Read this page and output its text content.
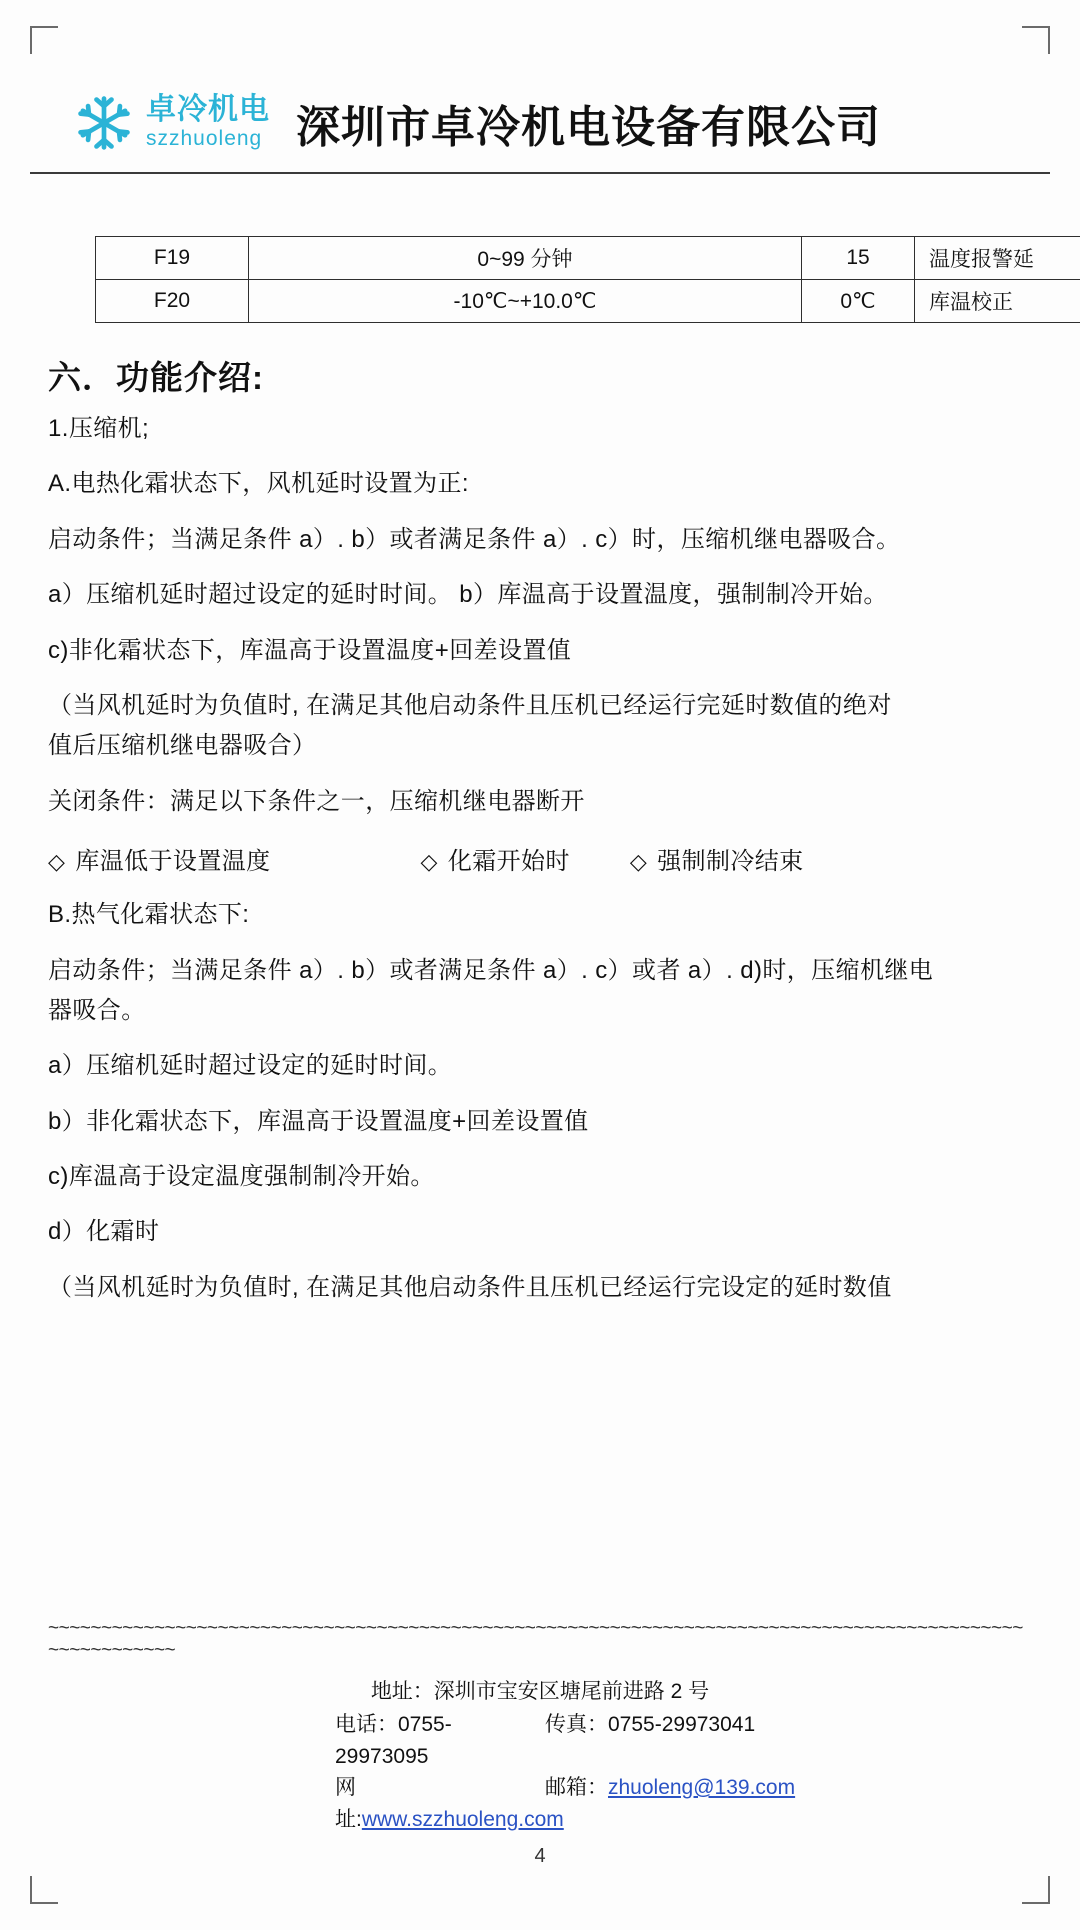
卓冷机电
szzhuoleng 深圳市卓冷机电设备有限公司
F19	0~99 分钟	15	温度报警延
F20	-10℃~+10.0℃	0℃	库温校正
六．功能介绍:

1.压缩机;

A.电热化霜状态下，风机延时设置为正:

启动条件；当满足条件 a）. b）或者满足条件 a）. c）时，压缩机继电器吸合。

a）压缩机延时超过设定的延时时间。 b）库温高于设置温度，强制制冷开始。

c)非化霜状态下，库温高于设置温度+回差设置值

（当风机延时为负值时, 在满足其他启动条件且压机已经运行完延时数值的绝对

值后压缩机继电器吸合）

关闭条件：满足以下条件之一，压缩机继电器断开

◇ 库温低于设置温度	◇ 化霜开始时	◇ 强制制冷结束

B.热气化霜状态下:

启动条件；当满足条件 a）. b）或者满足条件 a）. c）或者 a）. d)时，压缩机继电

器吸合。

a）压缩机延时超过设定的延时时间。

b）非化霜状态下，库温高于设置温度+回差设置值

c)库温高于设定温度强制制冷开始。

d）化霜时

（当风机延时为负值时, 在满足其他启动条件且压机已经运行完设定的延时数值

~~~~~~~~~~~~~~~~~~~~~~~~~~~~~~~~~~~~~~~~~~~~~~~~~~~~~~~~~~~~~~~~~~~~~~~~~~~~~~~~~~~~~~~~~~~~~~~~~~~~~~~~
地址：深圳市宝安区塘尾前进路 2 号
电话：0755-29973095
传真：0755-29973041
网址:www.szzhuoleng.com
邮箱：zhuoleng@139.com
4
